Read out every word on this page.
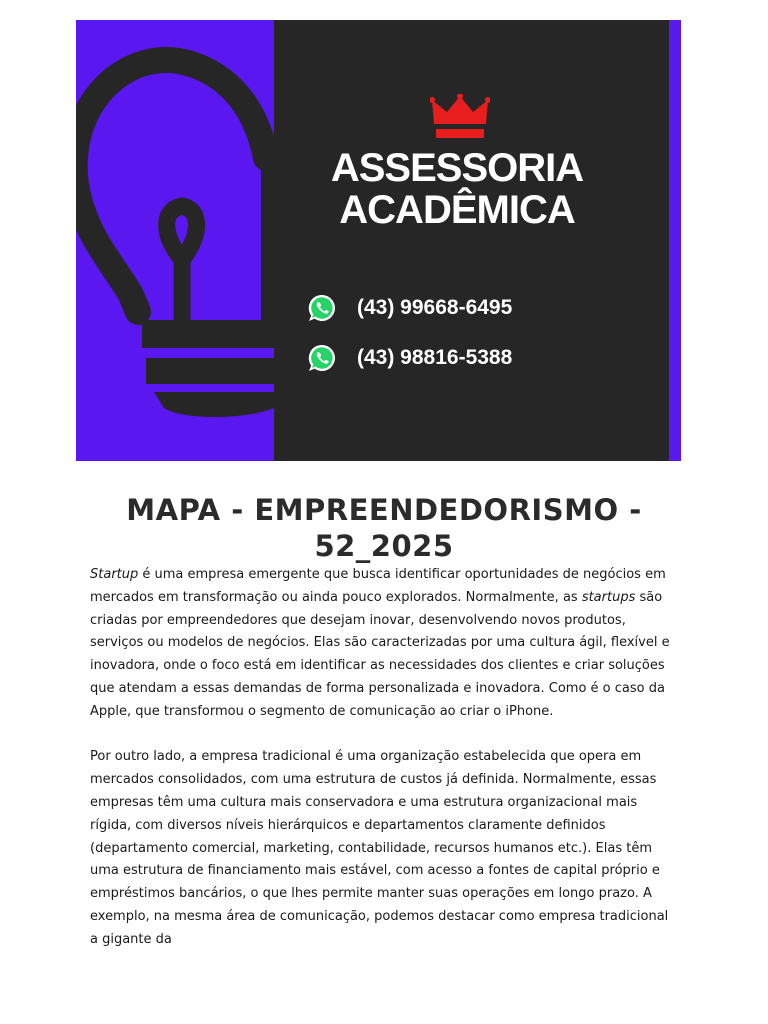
ASSESSORIA
ACADÊMICA
(43) 99668-6495
(43) 98816-5388
MAPA - EMPREENDEDORISMO - 52_2025

Startup é uma empresa emergente que busca identificar oportunidades de negócios em mercados em transformação ou ainda pouco explorados. Normalmente, as startups são criadas por empreendedores que desejam inovar, desenvolvendo novos produtos, serviços ou modelos de negócios. Elas são caracterizadas por uma cultura ágil, flexível e inovadora, onde o foco está em identificar as necessidades dos clientes e criar soluções que atendam a essas demandas de forma personalizada e inovadora. Como é o caso da Apple, que transformou o segmento de comunicação ao criar o iPhone.

Por outro lado, a empresa tradicional é uma organização estabelecida que opera em mercados consolidados, com uma estrutura de custos já definida. Normalmente, essas empresas têm uma cultura mais conservadora e uma estrutura organizacional mais rígida, com diversos níveis hierárquicos e departamentos claramente definidos (departamento comercial, marketing, contabilidade, recursos humanos etc.). Elas têm uma estrutura de financiamento mais estável, com acesso a fontes de capital próprio e empréstimos bancários, o que lhes permite manter suas operações em longo prazo. A exemplo, na mesma área de comunicação, podemos destacar como empresa tradicional a gigante da
